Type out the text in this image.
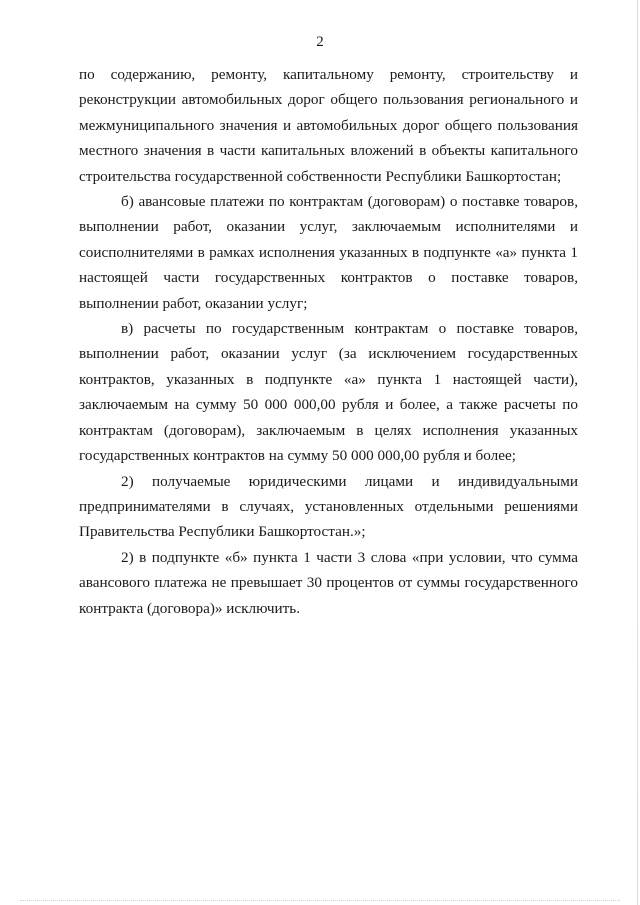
2

по содержанию, ремонту, капитальному ремонту, строительству и реконструкции автомобильных дорог общего пользования регионального и межмуниципального значения и автомобильных дорог общего пользования местного значения в части капитальных вложений в объекты капитального строительства государственной собственности Республики Башкортостан;

б) авансовые платежи по контрактам (договорам) о поставке товаров, выполнении работ, оказании услуг, заключаемым исполнителями и соисполнителями в рамках исполнения указанных в подпункте «а» пункта 1 настоящей части государственных контрактов о поставке товаров, выполнении работ, оказании услуг;

в) расчеты по государственным контрактам о поставке товаров, выполнении работ, оказании услуг (за исключением государственных контрактов, указанных в подпункте «а» пункта 1 настоящей части), заключаемым на сумму 50 000 000,00 рубля и более, а также расчеты по контрактам (договорам), заключаемым в целях исполнения указанных государственных контрактов на сумму 50 000 000,00 рубля и более;

2) получаемые юридическими лицами и индивидуальными предпринимателями в случаях, установленных отдельными решениями Правительства Республики Башкортостан.»;

2) в подпункте «б» пункта 1 части 3 слова «при условии, что сумма авансового платежа не превышает 30 процентов от суммы государственного контракта (договора)» исключить.
